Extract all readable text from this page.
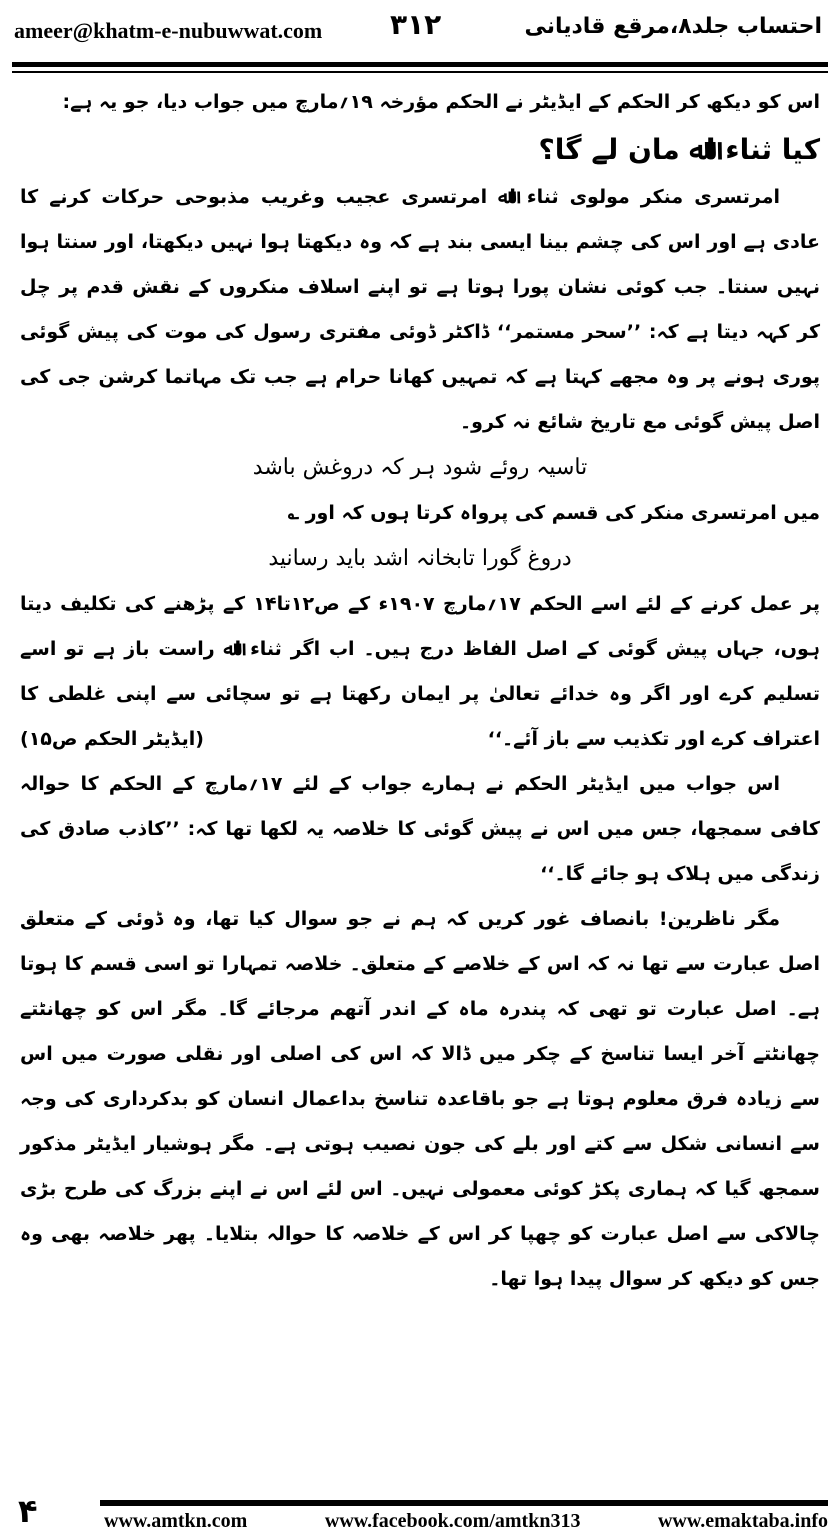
ameer@khatm-e-nubuwwat.com ۳۱۲	احتساب جلد۸،مرقع قادیانی

اس کو دیکھ کر الحکم کے ایڈیٹر نے الحکم مؤرخہ ۱۹؍مارچ میں جواب دیا، جو یہ ہے:

کیا ثناء اﷲ مان لے گا؟

امرتسری منکر مولوی ثناء اﷲ امرتسری عجیب وغریب مذبوحی حرکات کرنے کا عادی ہے اور اس کی چشم بینا ایسی بند ہے کہ وہ دیکھتا ہوا نہیں دیکھتا، اور سنتا ہوا نہیں سنتا۔ جب کوئی نشان پورا ہوتا ہے تو اپنے اسلاف منکروں کے نقش قدم پر چل کر کہہ دیتا ہے کہ: ’’سحر مستمر‘‘ ڈاکٹر ڈوئی مفتری رسول کی موت کی پیش گوئی پوری ہونے پر وہ مجھے کہتا ہے کہ تمہیں کھانا حرام ہے جب تک مہاتما کرشن جی کی اصل پیش گوئی مع تاریخ شائع نہ کرو۔

تاسیہ روئے شود ہر کہ دروغش باشد

میں امرتسری منکر کی قسم کی پرواہ کرتا ہوں کہ اور ؎

دروغ گورا تابخانہ اشد باید رسانید

پر عمل کرنے کے لئے اسے الحکم ۱۷؍مارچ ۱۹۰۷ء کے ص۱۲تا۱۴ کے پڑھنے کی تکلیف دیتا ہوں، جہاں پیش گوئی کے اصل الفاظ درج ہیں۔ اب اگر ثناء اﷲ راست باز ہے تو اسے تسلیم کرے اور اگر وہ خدائے تعالیٰ پر ایمان رکھتا ہے تو سچائی سے اپنی غلطی کا اعتراف کرے اور تکذیب سے باز آئے۔‘‘
(ایڈیٹر الحکم ص۱۵)

اس جواب میں ایڈیٹر الحکم نے ہمارے جواب کے لئے ۱۷؍مارچ کے الحکم کا حوالہ کافی سمجھا، جس میں اس نے پیش گوئی کا خلاصہ یہ لکھا تھا کہ: ’’کاذب صادق کی زندگی میں ہلاک ہو جائے گا۔‘‘

مگر ناظرین! بانصاف غور کریں کہ ہم نے جو سوال کیا تھا، وہ ڈوئی کے متعلق اصل عبارت سے تھا نہ کہ اس کے خلاصے کے متعلق۔ خلاصہ تمہارا تو اسی قسم کا ہوتا ہے۔ اصل عبارت تو تھی کہ پندرہ ماہ کے اندر آتھم مرجائے گا۔ مگر اس کو چھانٹتے چھانٹتے آخر ایسا تناسخ کے چکر میں ڈالا کہ اس کی اصلی اور نقلی صورت میں اس سے زیادہ فرق معلوم ہوتا ہے جو باقاعدہ تناسخ بداعمال انسان کو بدکرداری کی وجہ سے انسانی شکل سے کتے اور بلے کی جون نصیب ہوتی ہے۔ مگر ہوشیار ایڈیٹر مذکور سمجھ گیا کہ ہماری پکڑ کوئی معمولی نہیں۔ اس لئے اس نے اپنے بزرگ کی طرح بڑی چالاکی سے اصل عبارت کو چھپا کر اس کے خلاصہ کا حوالہ بتلایا۔ پھر خلاصہ بھی وہ جس کو دیکھ کر سوال پیدا ہوا تھا۔

۴	www.amtkn.com	www.facebook.com/amtkn313	www.emaktaba.info
